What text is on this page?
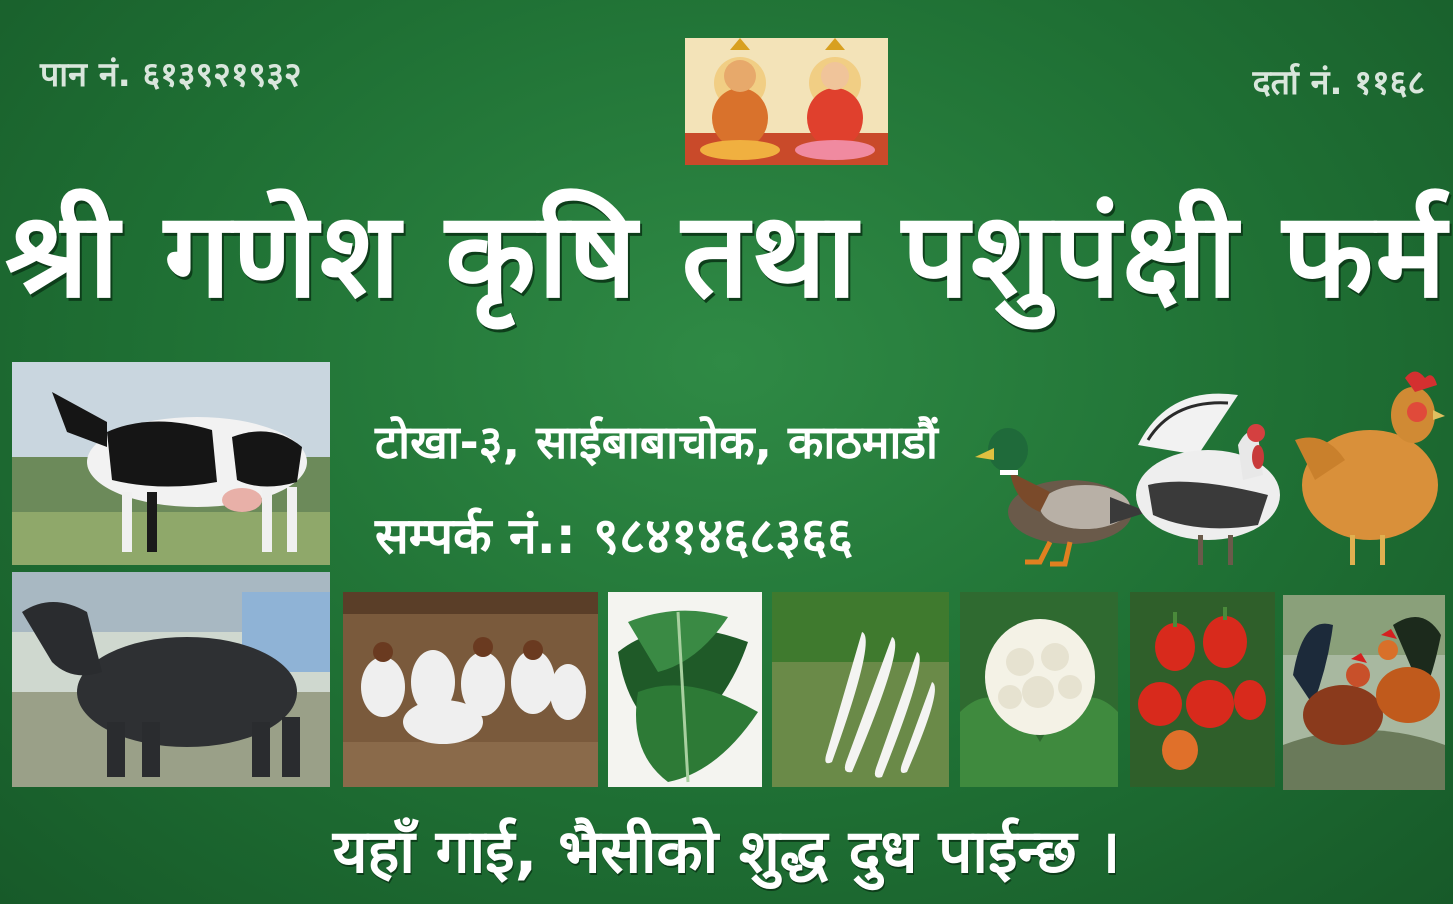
पान नं. ६१३९२१९३२	दर्ता नं. ११६८
श्री गणेश कृषि तथा पशुपंक्षी फर्म
टोखा-३, साईबाबाचोक, काठमाडौं
सम्पर्क नं.: ९८४१४६८३६६
यहाँ गाई, भैसीको शुद्ध दुध पाईन्छ ।
